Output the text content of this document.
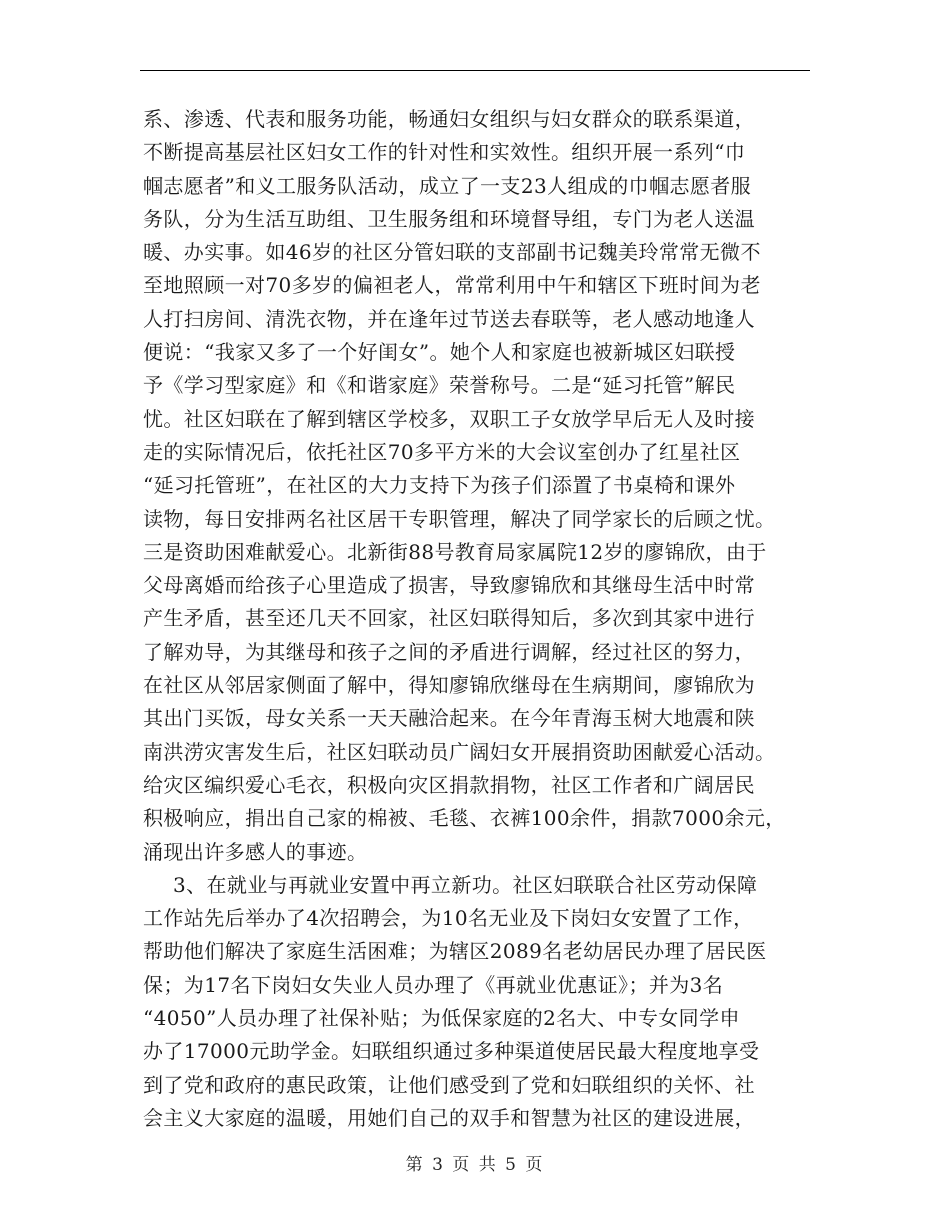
系、渗透、代表和服务功能，畅通妇女组织与妇女群众的联系渠道，
不断提高基层社区妇女工作的针对性和实效性。组织开展一系列“巾
帼志愿者”和义工服务队活动，成立了一支23人组成的巾帼志愿者服
务队，分为生活互助组、卫生服务组和环境督导组，专门为老人送温
暖、办实事。如46岁的社区分管妇联的支部副书记魏美玲常常无微不
至地照顾一对70多岁的偏袒老人，常常利用中午和辖区下班时间为老
人打扫房间、清洗衣物，并在逢年过节送去春联等，老人感动地逢人
便说：“我家又多了一个好闺女”。她个人和家庭也被新城区妇联授
予《学习型家庭》和《和谐家庭》荣誉称号。二是“延习托管”解民
忧。社区妇联在了解到辖区学校多，双职工子女放学早后无人及时接
走的实际情况后，依托社区70多平方米的大会议室创办了红星社区
“延习托管班”，在社区的大力支持下为孩子们添置了书桌椅和课外
读物，每日安排两名社区居干专职管理，解决了同学家长的后顾之忧。
三是资助困难献爱心。北新街88号教育局家属院12岁的廖锦欣，由于
父母离婚而给孩子心里造成了损害，导致廖锦欣和其继母生活中时常
产生矛盾，甚至还几天不回家，社区妇联得知后，多次到其家中进行
了解劝导，为其继母和孩子之间的矛盾进行调解，经过社区的努力，
在社区从邻居家侧面了解中，得知廖锦欣继母在生病期间，廖锦欣为
其出门买饭，母女关系一天天融洽起来。在今年青海玉树大地震和陕
南洪涝灾害发生后，社区妇联动员广阔妇女开展捐资助困献爱心活动。
给灾区编织爱心毛衣，积极向灾区捐款捐物，社区工作者和广阔居民
积极响应，捐出自己家的棉被、毛毯、衣裤100余件，捐款7000余元，
涌现出许多感人的事迹。
3、在就业与再就业安置中再立新功。社区妇联联合社区劳动保障
工作站先后举办了4次招聘会，为10名无业及下岗妇女安置了工作，
帮助他们解决了家庭生活困难；为辖区2089名老幼居民办理了居民医
保；为17名下岗妇女失业人员办理了《再就业优惠证》；并为3名
“4050”人员办理了社保补贴；为低保家庭的2名大、中专女同学申
办了17000元助学金。妇联组织通过多种渠道使居民最大程度地享受
到了党和政府的惠民政策，让他们感受到了党和妇联组织的关怀、社
会主义大家庭的温暖，用她们自己的双手和智慧为社区的建设进展，
第 3 页 共 5 页
